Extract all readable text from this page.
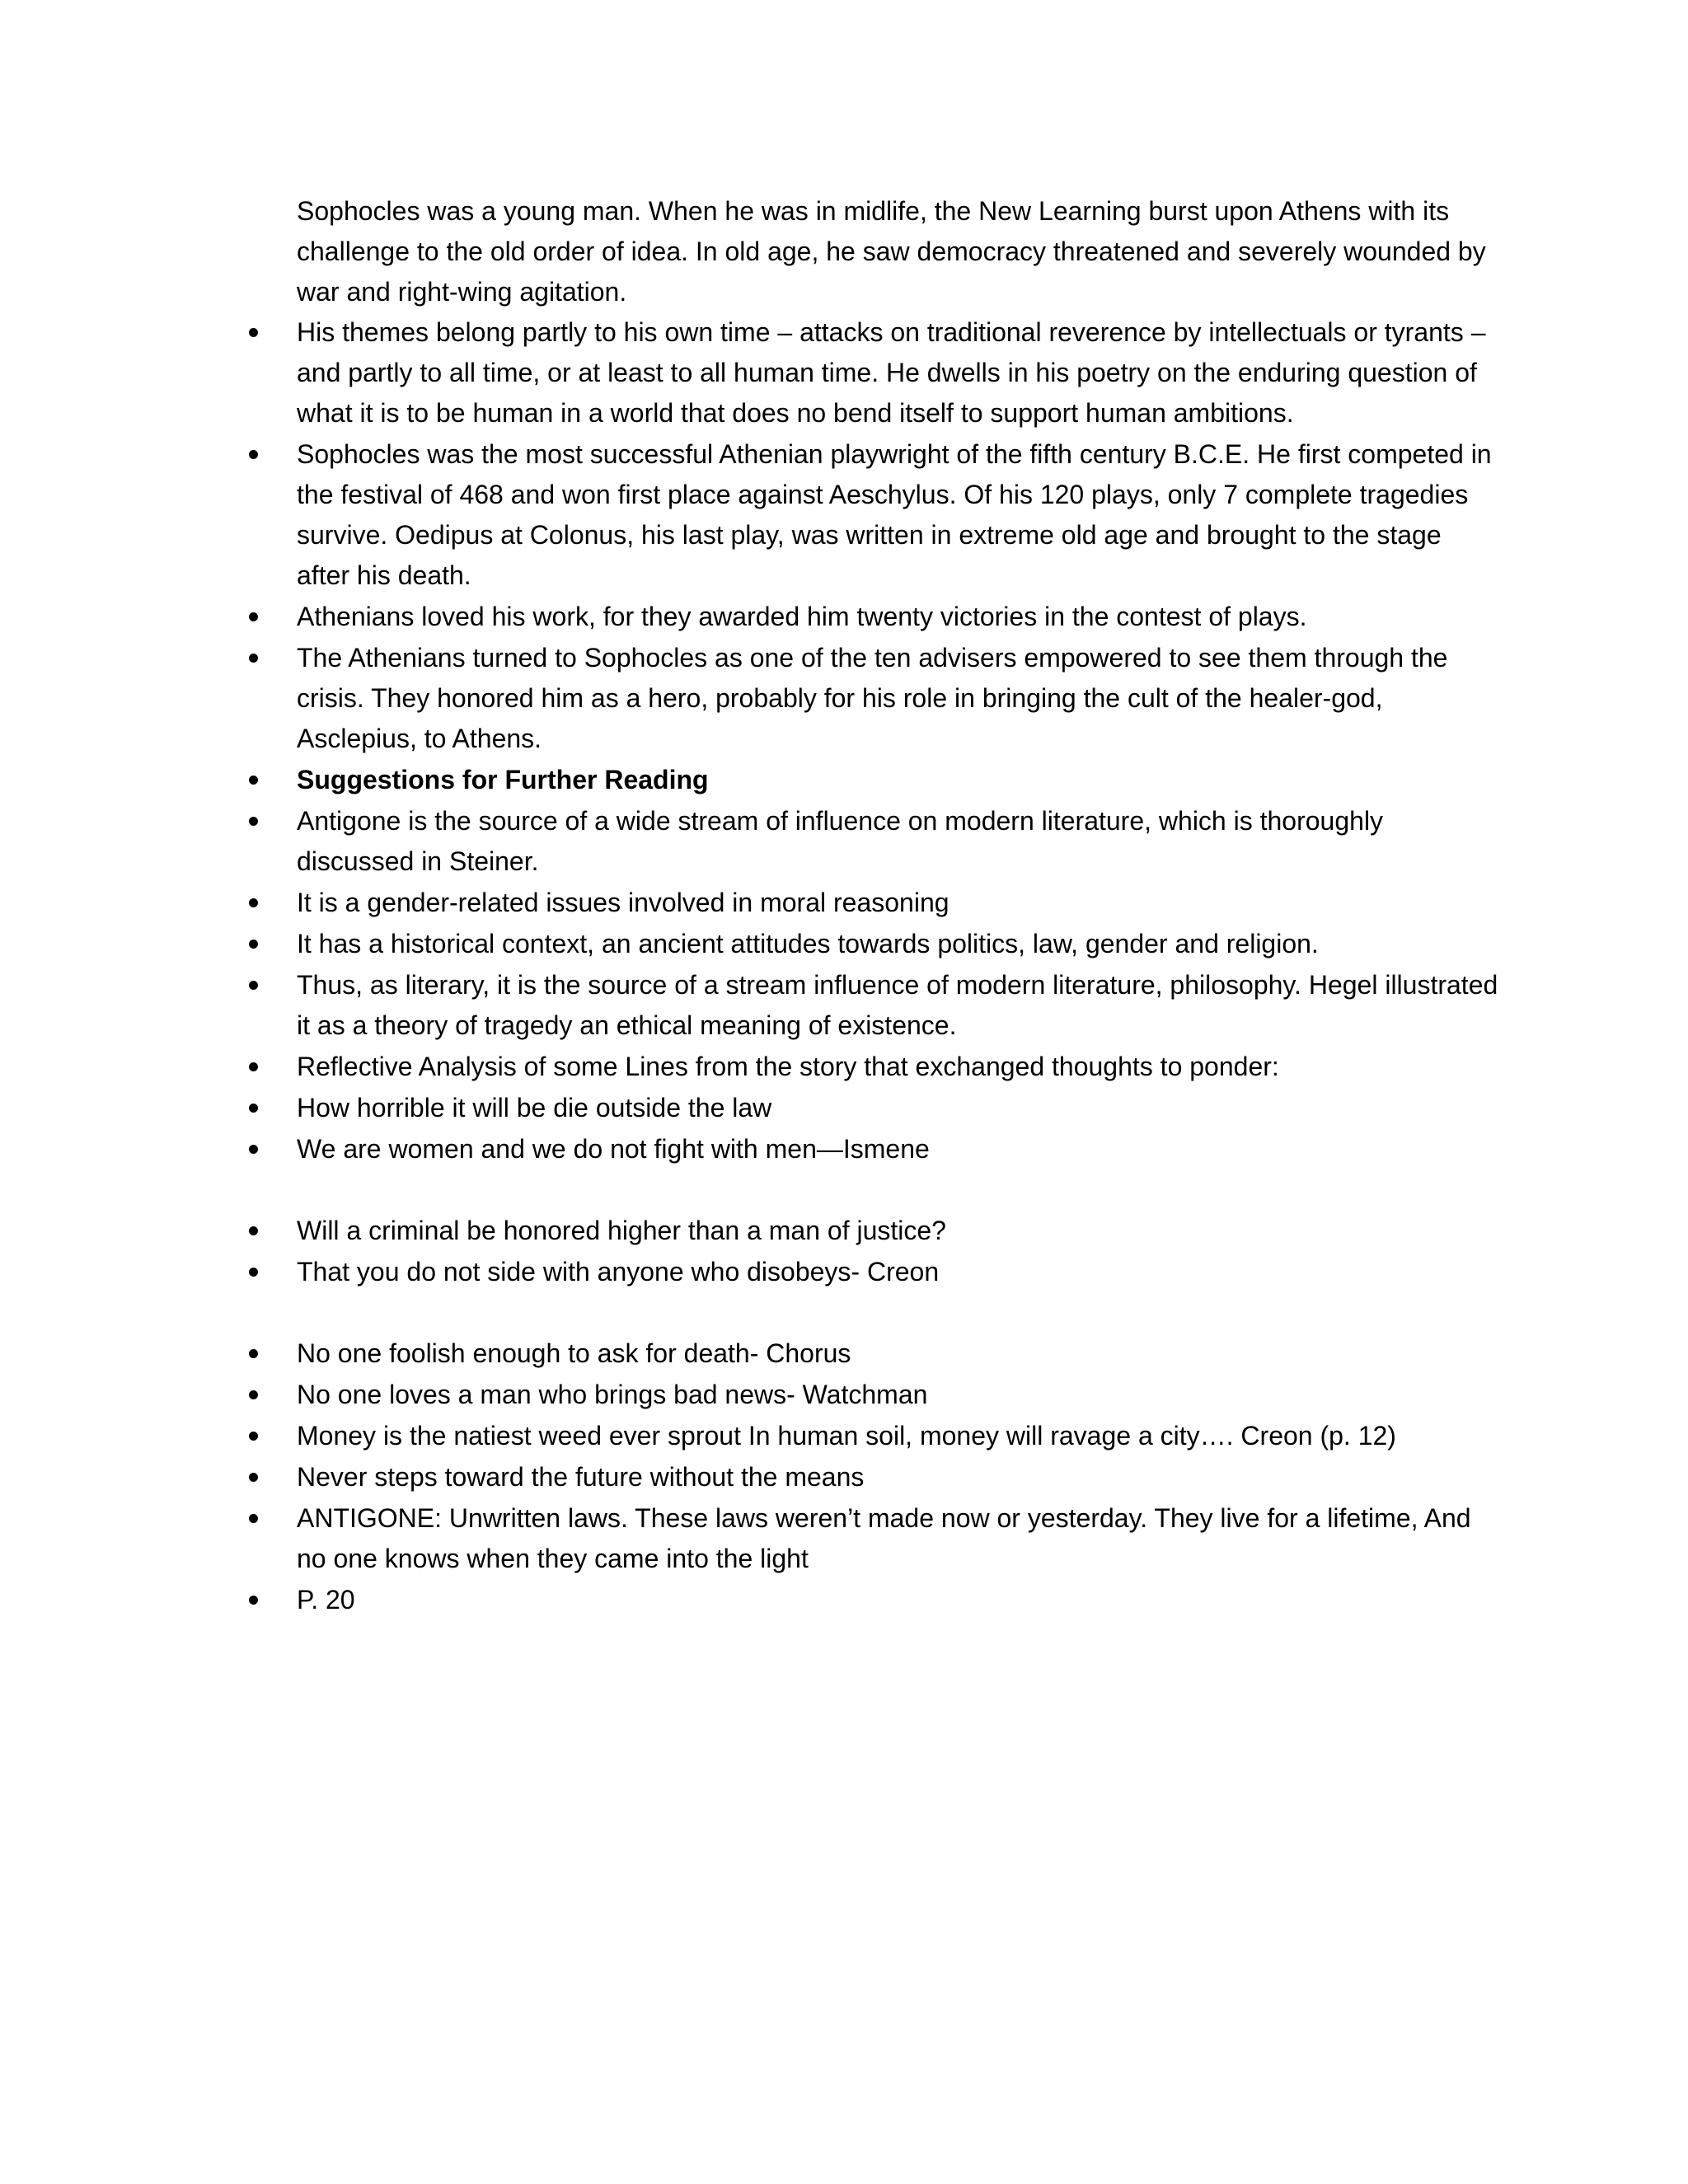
Sophocles was a young man. When he was in midlife, the New Learning burst upon Athens with its challenge to the old order of idea. In old age, he saw democracy threatened and severely wounded by war and right-wing agitation.

His themes belong partly to his own time – attacks on traditional reverence by intellectuals or tyrants – and partly to all time, or at least to all human time. He dwells in his poetry on the enduring question of what it is to be human in a world that does no bend itself to support human ambitions.
Sophocles was the most successful Athenian playwright of the fifth century B.C.E. He first competed in the festival of 468 and won first place against Aeschylus. Of his 120 plays, only 7 complete tragedies survive. Oedipus at Colonus, his last play, was written in extreme old age and brought to the stage after his death.
Athenians loved his work, for they awarded him twenty victories in the contest of plays.
The Athenians turned to Sophocles as one of the ten advisers empowered to see them through the crisis. They honored him as a hero, probably for his role in bringing the cult of the healer-god, Asclepius, to Athens.
Suggestions for Further Reading
Antigone is the source of a wide stream of influence on modern literature, which is thoroughly discussed in Steiner.
It is a gender-related issues involved in moral reasoning
It has a historical context, an ancient attitudes towards politics, law, gender and religion.
Thus, as literary, it is the source of a stream influence of modern literature, philosophy. Hegel illustrated it as a theory of tragedy an ethical meaning of existence.
Reflective Analysis of some Lines from the story that exchanged thoughts to ponder:
How horrible it will be die outside the law
We are women and we do not fight with men—Ismene
Will a criminal be honored higher than a man of justice?
That you do not side with anyone who disobeys- Creon
No one foolish enough to ask for death- Chorus
No one loves a man who brings bad news- Watchman
Money is the natiest weed ever sprout In human soil, money will ravage a city…. Creon (p. 12)
Never steps toward the future without the means
ANTIGONE: Unwritten laws. These laws weren’t made now or yesterday. They live for a lifetime, And no one knows when they came into the light
P. 20
